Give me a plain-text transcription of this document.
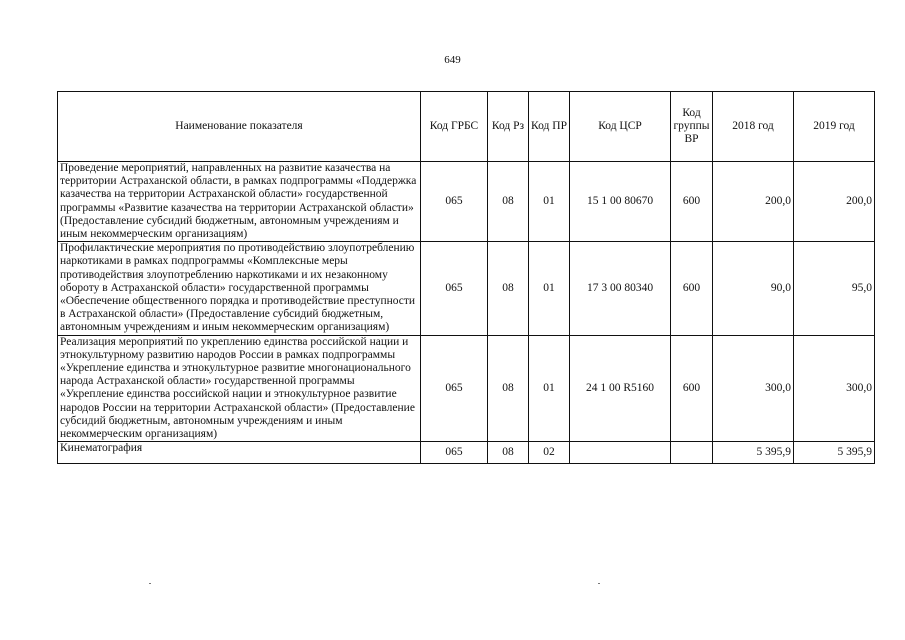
649
Наименование показателя	Код ГРБС	Код Рз	Код ПР	Код ЦСР	Код группы ВР	2018 год	2019 год
Проведение мероприятий, направленных на развитие казачества на территории Астраханской области, в рамках подпрограммы «Поддержка казачества на территории Астраханской области» государственной программы «Развитие казачества на территории Астраханской области» (Предоставление субсидий бюджетным, автономным учреждениям и иным некоммерческим организациям)	065	08	01	15 1 00 80670	600	200,0	200,0
Профилактические мероприятия по противодействию злоупотреблению наркотиками в рамках подпрограммы «Комплексные меры противодействия злоупотреблению наркотиками и их незаконному обороту в Астраханской области» государственной программы «Обеспечение общественного порядка и противодействие преступности в Астраханской области» (Предоставление субсидий бюджетным, автономным учреждениям и иным некоммерческим организациям)	065	08	01	17 3 00 80340	600	90,0	95,0
Реализация мероприятий по укреплению единства российской нации и этнокультурному развитию народов России в рамках подпрограммы «Укрепление единства и этнокультурное развитие многонационального народа Астраханской области» государственной программы «Укрепление единства российской нации и этнокультурное развитие народов России на территории Астраханской области» (Предоставление субсидий бюджетным, автономным учреждениям и иным некоммерческим организациям)	065	08	01	24 1 00 R5160	600	300,0	300,0
Кинематография	065	08	02			5 395,9	5 395,9
